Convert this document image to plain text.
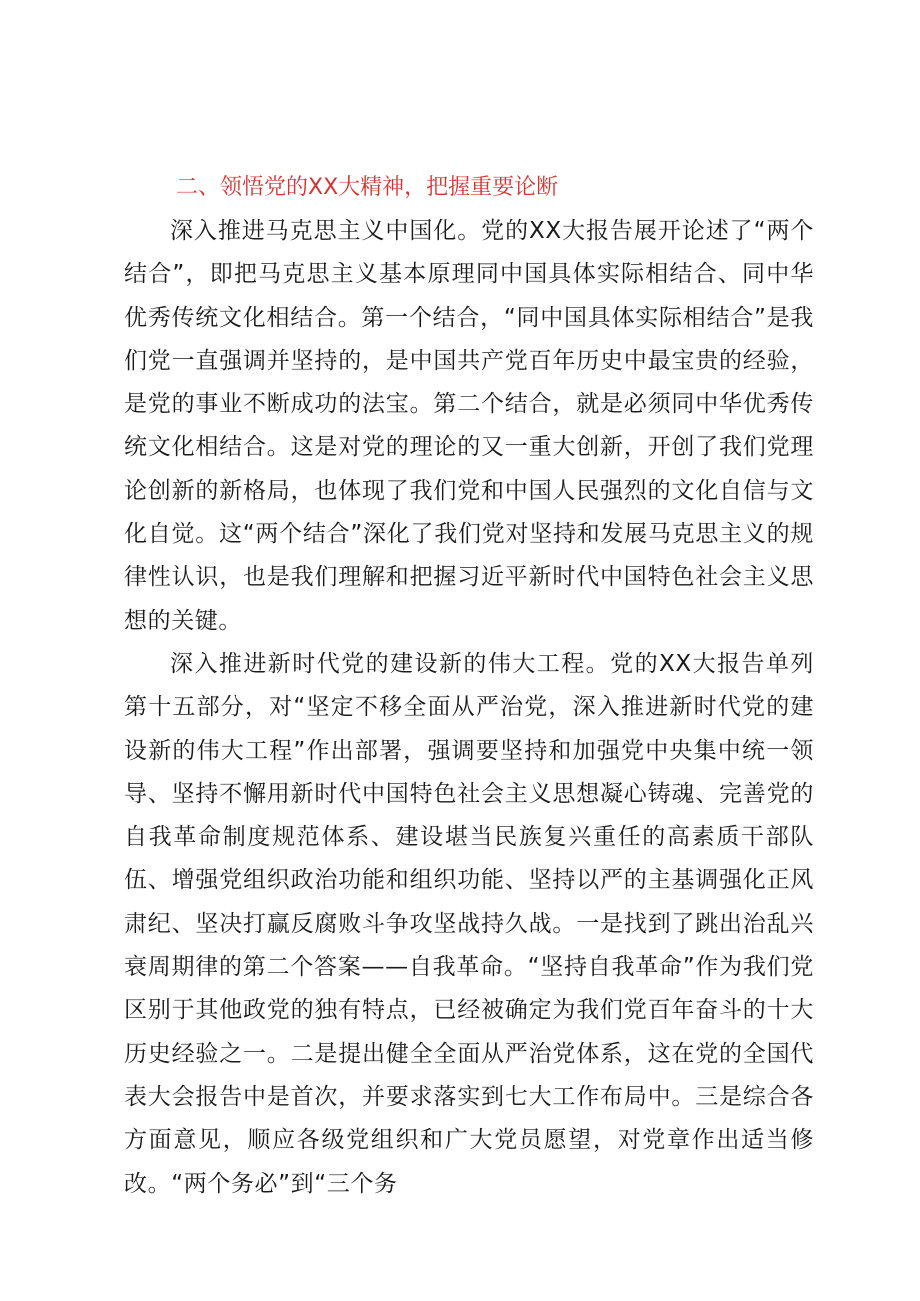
二、领悟党的XX大精神，把握重要论断

深入推进马克思主义中国化。党的XX大报告展开论述了“两个结合”，即把马克思主义基本原理同中国具体实际相结合、同中华优秀传统文化相结合。第一个结合，“同中国具体实际相结合”是我们党一直强调并坚持的，是中国共产党百年历史中最宝贵的经验，是党的事业不断成功的法宝。第二个结合，就是必须同中华优秀传统文化相结合。这是对党的理论的又一重大创新，开创了我们党理论创新的新格局，也体现了我们党和中国人民强烈的文化自信与文化自觉。这“两个结合”深化了我们党对坚持和发展马克思主义的规律性认识，也是我们理解和把握习近平新时代中国特色社会主义思想的关键。

深入推进新时代党的建设新的伟大工程。党的XX大报告单列第十五部分，对“坚定不移全面从严治党，深入推进新时代党的建设新的伟大工程”作出部署，强调要坚持和加强党中央集中统一领导、坚持不懈用新时代中国特色社会主义思想凝心铸魂、完善党的自我革命制度规范体系、建设堪当民族复兴重任的高素质干部队伍、增强党组织政治功能和组织功能、坚持以严的主基调强化正风肃纪、坚决打赢反腐败斗争攻坚战持久战。一是找到了跳出治乱兴衰周期律的第二个答案——自我革命。“坚持自我革命”作为我们党区别于其他政党的独有特点，已经被确定为我们党百年奋斗的十大历史经验之一。二是提出健全全面从严治党体系，这在党的全国代表大会报告中是首次，并要求落实到七大工作布局中。三是综合各方面意见，顺应各级党组织和广大党员愿望，对党章作出适当修改。“两个务必”到“三个务
